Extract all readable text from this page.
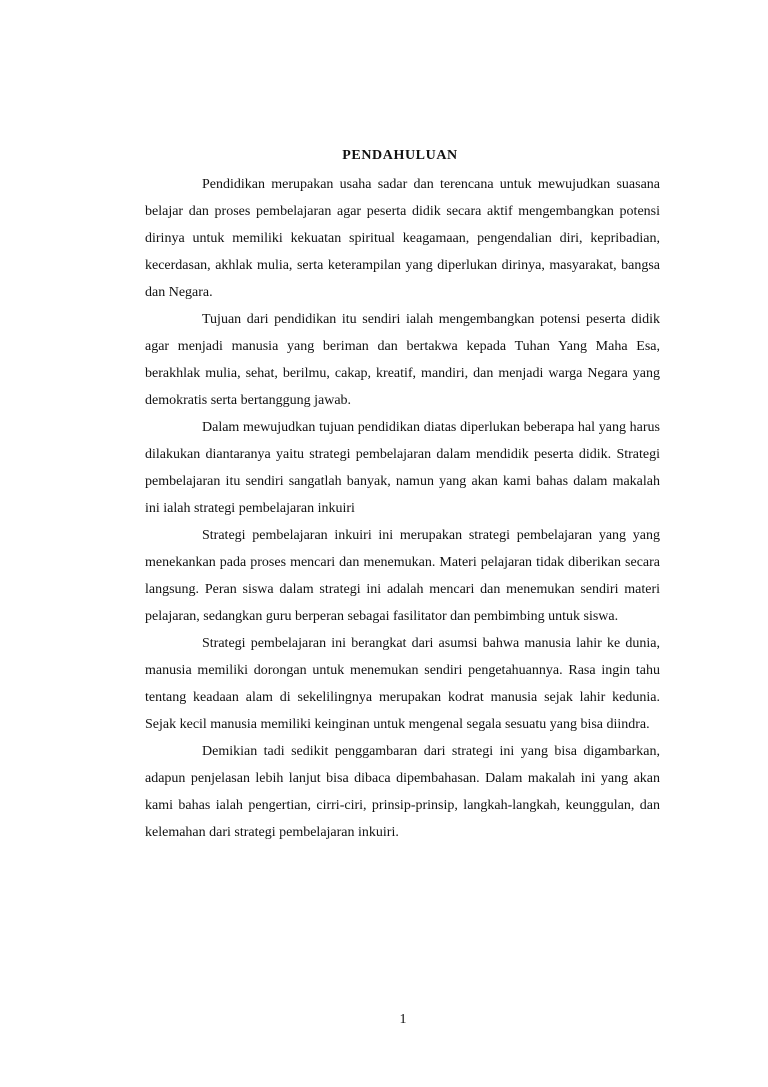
PENDAHULUAN

Pendidikan merupakan usaha sadar dan terencana untuk mewujudkan suasana belajar dan proses pembelajaran agar peserta didik secara aktif mengembangkan potensi dirinya untuk memiliki kekuatan spiritual keagamaan, pengendalian diri, kepribadian, kecerdasan, akhlak mulia, serta keterampilan yang diperlukan dirinya, masyarakat, bangsa dan Negara.

Tujuan dari pendidikan itu sendiri ialah mengembangkan potensi peserta didik agar menjadi manusia yang beriman dan bertakwa kepada Tuhan Yang Maha Esa, berakhlak mulia, sehat, berilmu, cakap, kreatif, mandiri, dan menjadi warga Negara yang demokratis serta bertanggung jawab.

Dalam mewujudkan tujuan pendidikan diatas diperlukan beberapa hal yang harus dilakukan diantaranya yaitu strategi pembelajaran dalam mendidik peserta didik. Strategi pembelajaran itu sendiri sangatlah banyak, namun yang akan kami bahas dalam makalah ini ialah strategi pembelajaran inkuiri

Strategi pembelajaran inkuiri ini merupakan strategi pembelajaran yang yang menekankan pada proses mencari dan menemukan. Materi pelajaran tidak diberikan secara langsung. Peran siswa dalam strategi ini adalah mencari dan menemukan sendiri materi pelajaran, sedangkan guru berperan sebagai fasilitator dan pembimbing untuk siswa.

Strategi pembelajaran ini berangkat dari asumsi bahwa manusia lahir ke dunia, manusia memiliki dorongan untuk menemukan sendiri pengetahuannya. Rasa ingin tahu tentang keadaan alam di sekelilingnya merupakan kodrat manusia sejak lahir kedunia. Sejak kecil manusia memiliki keinginan untuk mengenal segala sesuatu yang bisa diindra.

Demikian tadi sedikit penggambaran dari strategi ini yang bisa digambarkan, adapun penjelasan lebih lanjut bisa dibaca dipembahasan. Dalam makalah ini yang akan kami bahas ialah pengertian, cirri-ciri, prinsip-prinsip, langkah-langkah, keunggulan, dan kelemahan dari strategi pembelajaran inkuiri.

1
